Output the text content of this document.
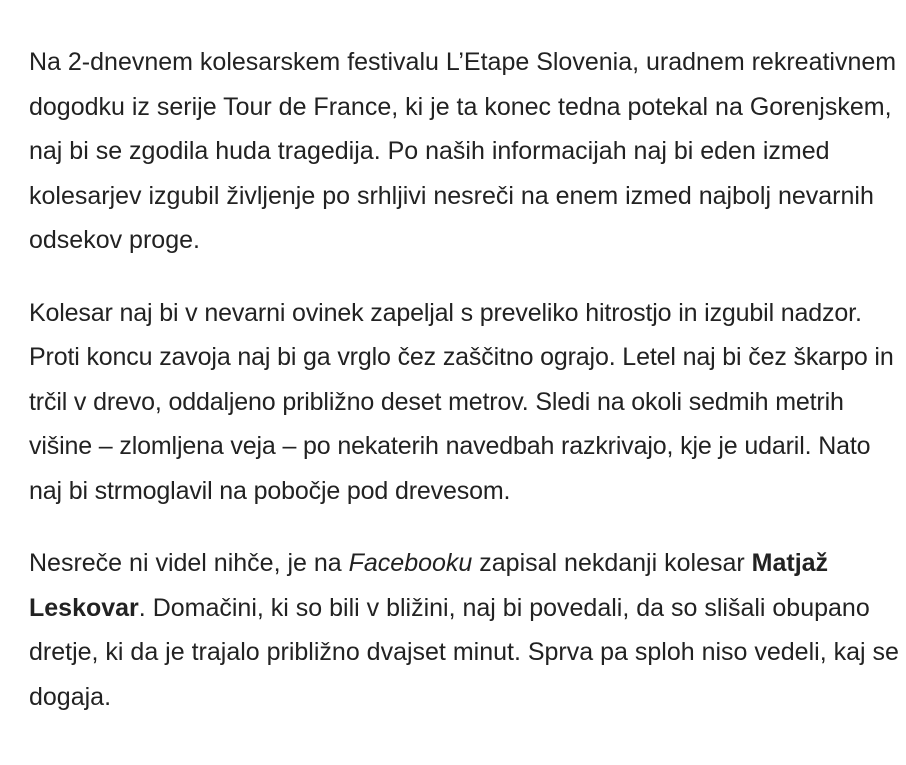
Na 2-dnevnem kolesarskem festivalu L’Etape Slovenia, uradnem rekreativnem dogodku iz serije Tour de France, ki je ta konec tedna potekal na Gorenjskem, naj bi se zgodila huda tragedija. Po naših informacijah naj bi eden izmed kolesarjev izgubil življenje po srhljivi nesreči na enem izmed najbolj nevarnih odsekov proge.

Kolesar naj bi v nevarni ovinek zapeljal s preveliko hitrostjo in izgubil nadzor. Proti koncu zavoja naj bi ga vrglo čez zaščitno ograjo. Letel naj bi čez škarpo in trčil v drevo, oddaljeno približno deset metrov. Sledi na okoli sedmih metrih višine – zlomljena veja – po nekaterih navedbah razkrivajo, kje je udaril. Nato naj bi strmoglavil na pobočje pod drevesom.

Nesreče ni videl nihče, je na Facebooku zapisal nekdanji kolesar Matjaž Leskovar. Domačini, ki so bili v bližini, naj bi povedali, da so slišali obupano dretje, ki da je trajalo približno dvajset minut. Sprva pa sploh niso vedeli, kaj se dogaja.
